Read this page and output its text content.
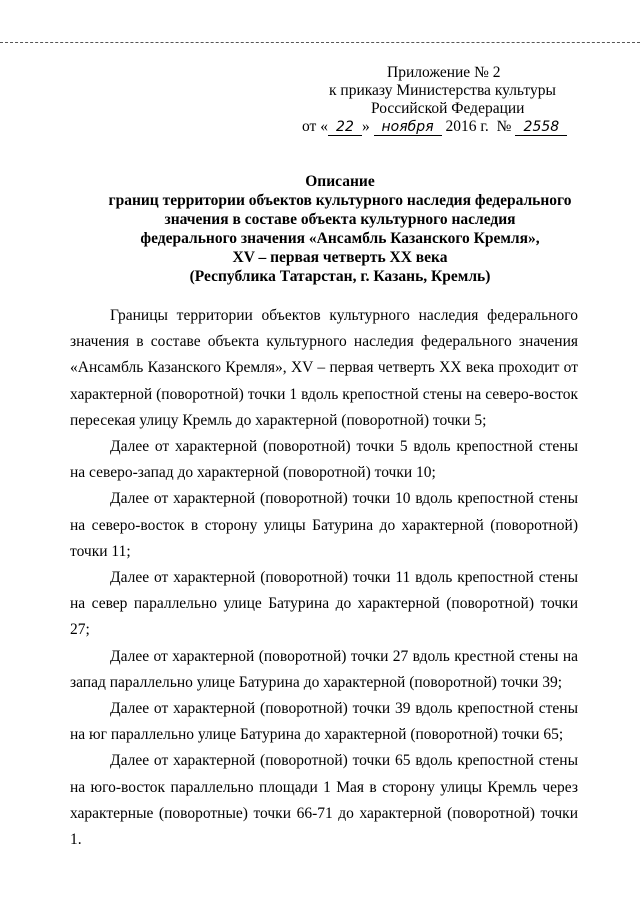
Приложение № 2
к приказу Министерства культуры
Российской Федерации
от « 22 » ноября 2016 г. № 2558
Описание
границ территории объектов культурного наследия федерального
значения в составе объекта культурного наследия
федерального значения «Ансамбль Казанского Кремля»,
XV – первая четверть XX века
(Республика Татарстан, г. Казань, Кремль)

Границы территории объектов культурного наследия федерального значения в составе объекта культурного наследия федерального значения «Ансамбль Казанского Кремля», XV – первая четверть XX века проходит от характерной (поворотной) точки 1 вдоль крепостной стены на северо-восток пересекая улицу Кремль до характерной (поворотной) точки 5;

Далее от характерной (поворотной) точки 5 вдоль крепостной стены на северо-запад до характерной (поворотной) точки 10;

Далее от характерной (поворотной) точки 10 вдоль крепостной стены на северо-восток в сторону улицы Батурина до характерной (поворотной) точки 11;

Далее от характерной (поворотной) точки 11 вдоль крепостной стены на север параллельно улице Батурина до характерной (поворотной) точки 27;

Далее от характерной (поворотной) точки 27 вдоль крестной стены на запад параллельно улице Батурина до характерной (поворотной) точки 39;

Далее от характерной (поворотной) точки 39 вдоль крепостной стены на юг параллельно улице Батурина до характерной (поворотной) точки 65;

Далее от характерной (поворотной) точки 65 вдоль крепостной стены на юго-восток параллельно площади 1 Мая в сторону улицы Кремль через характерные (поворотные) точки 66-71 до характерной (поворотной) точки 1.
